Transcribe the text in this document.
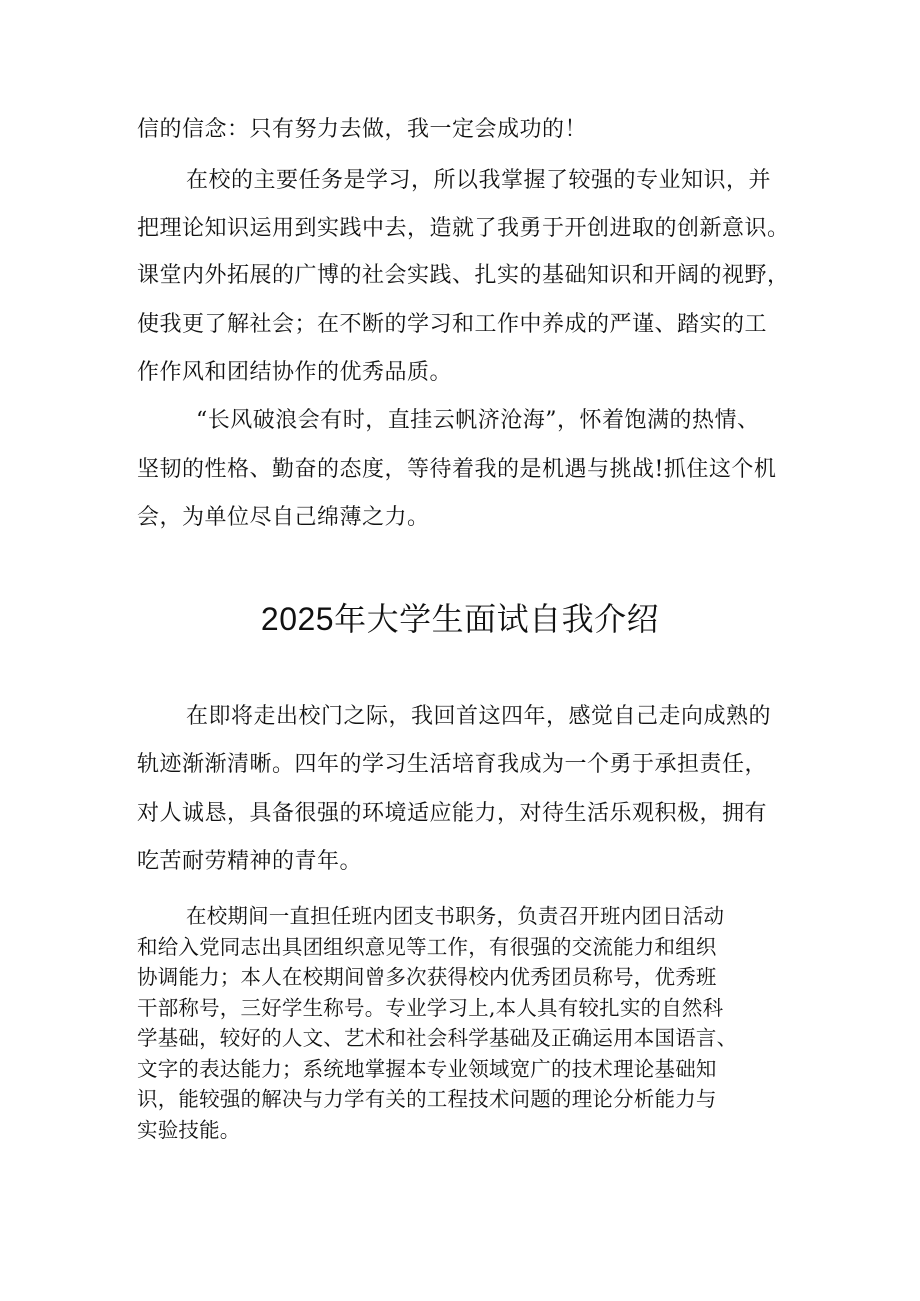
信的信念：只有努力去做，我一定会成功的！
在校的主要任务是学习，所以我掌握了较强的专业知识，并
把理论知识运用到实践中去，造就了我勇于开创进取的创新意识。
课堂内外拓展的广博的社会实践、扎实的基础知识和开阔的视野，
使我更了解社会；在不断的学习和工作中养成的严谨、踏实的工
作作风和团结协作的优秀品质。
“长风破浪会有时，直挂云帆济沧海”，怀着饱满的热情、
坚韧的性格、勤奋的态度，等待着我的是机遇与挑战!抓住这个机
会，为单位尽自己绵薄之力。
2025年大学生面试自我介绍
在即将走出校门之际，我回首这四年，感觉自己走向成熟的
轨迹渐渐清晰。四年的学习生活培育我成为一个勇于承担责任，
对人诚恳，具备很强的环境适应能力，对待生活乐观积极，拥有
吃苦耐劳精神的青年。
在校期间一直担任班内团支书职务，负责召开班内团日活动
和给入党同志出具团组织意见等工作，有很强的交流能力和组织
协调能力；本人在校期间曾多次获得校内优秀团员称号，优秀班
干部称号，三好学生称号。专业学习上,本人具有较扎实的自然科
学基础，较好的人文、艺术和社会科学基础及正确运用本国语言、
文字的表达能力；系统地掌握本专业领域宽广的技术理论基础知
识，能较强的解决与力学有关的工程技术问题的理论分析能力与
实验技能。
